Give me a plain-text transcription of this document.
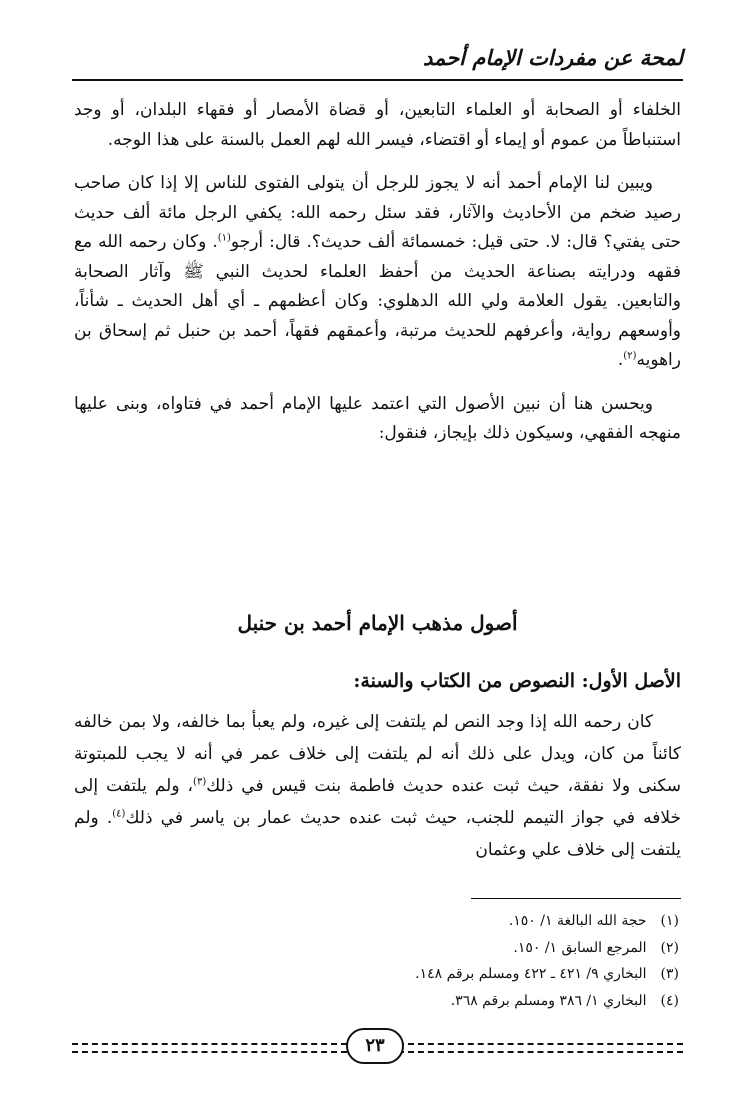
لمحة عن مفردات الإمام أحمد

الخلفاء أو الصحابة أو العلماء التابعين، أو قضاة الأمصار أو فقهاء البلدان، أو وجد استنباطاً من عموم أو إيماء أو اقتضاء، فيسر الله لهم العمل بالسنة على هذا الوجه.

ويبين لنا الإمام أحمد أنه لا يجوز للرجل أن يتولى الفتوى للناس إلا إذا كان صاحب رصيد ضخم من الأحاديث والآثار، فقد سئل رحمه الله: يكفي الرجل مائة ألف حديث حتى يفتي؟ قال: لا. حتى قيل: خمسمائة ألف حديث؟. قال: أرجو$^{(١)}$. وكان رحمه الله مع فقهه ودرايته بصناعة الحديث من أحفظ العلماء لحديث النبي ﷺ وآثار الصحابة والتابعين. يقول العلامة ولي الله الدهلوي: وكان أعظمهم ـ أي أهل الحديث ـ شأناً، وأوسعهم رواية، وأعرفهم للحديث مرتبة، وأعمقهم فقهاً، أحمد بن حنبل ثم إسحاق بن راهويه$^{(٢)}$.

ويحسن هنا أن نبين الأصول التي اعتمد عليها الإمام أحمد في فتاواه، وبنى عليها منهجه الفقهي، وسيكون ذلك بإيجاز، فنقول:

أصول مذهب الإمام أحمد بن حنبل
الأصل الأول: النصوص من الكتاب والسنة:

كان رحمه الله إذا وجد النص لم يلتفت إلى غيره، ولم يعبأ بما خالفه، ولا بمن خالفه كائناً من كان، ويدل على ذلك أنه لم يلتفت إلى خلاف عمر في أنه لا يجب للمبتوتة سكنى ولا نفقة، حيث ثبت عنده حديث فاطمة بنت قيس في ذلك$^{(٣)}$، ولم يلتفت إلى خلافه في جواز التيمم للجنب، حيث ثبت عنده حديث عمار بن ياسر في ذلك$^{(٤)}$. ولم يلتفت إلى خلاف علي وعثمان

(١) حجة الله البالغة ١/ ١٥٠.
(٢) المرجع السابق ١/ ١٥٠.
(٣) البخاري ٩/ ٤٢١ ـ ٤٢٢ ومسلم برقم ١٤٨.
(٤) البخاري ١/ ٣٨٦ ومسلم برقم ٣٦٨.
٢٣
